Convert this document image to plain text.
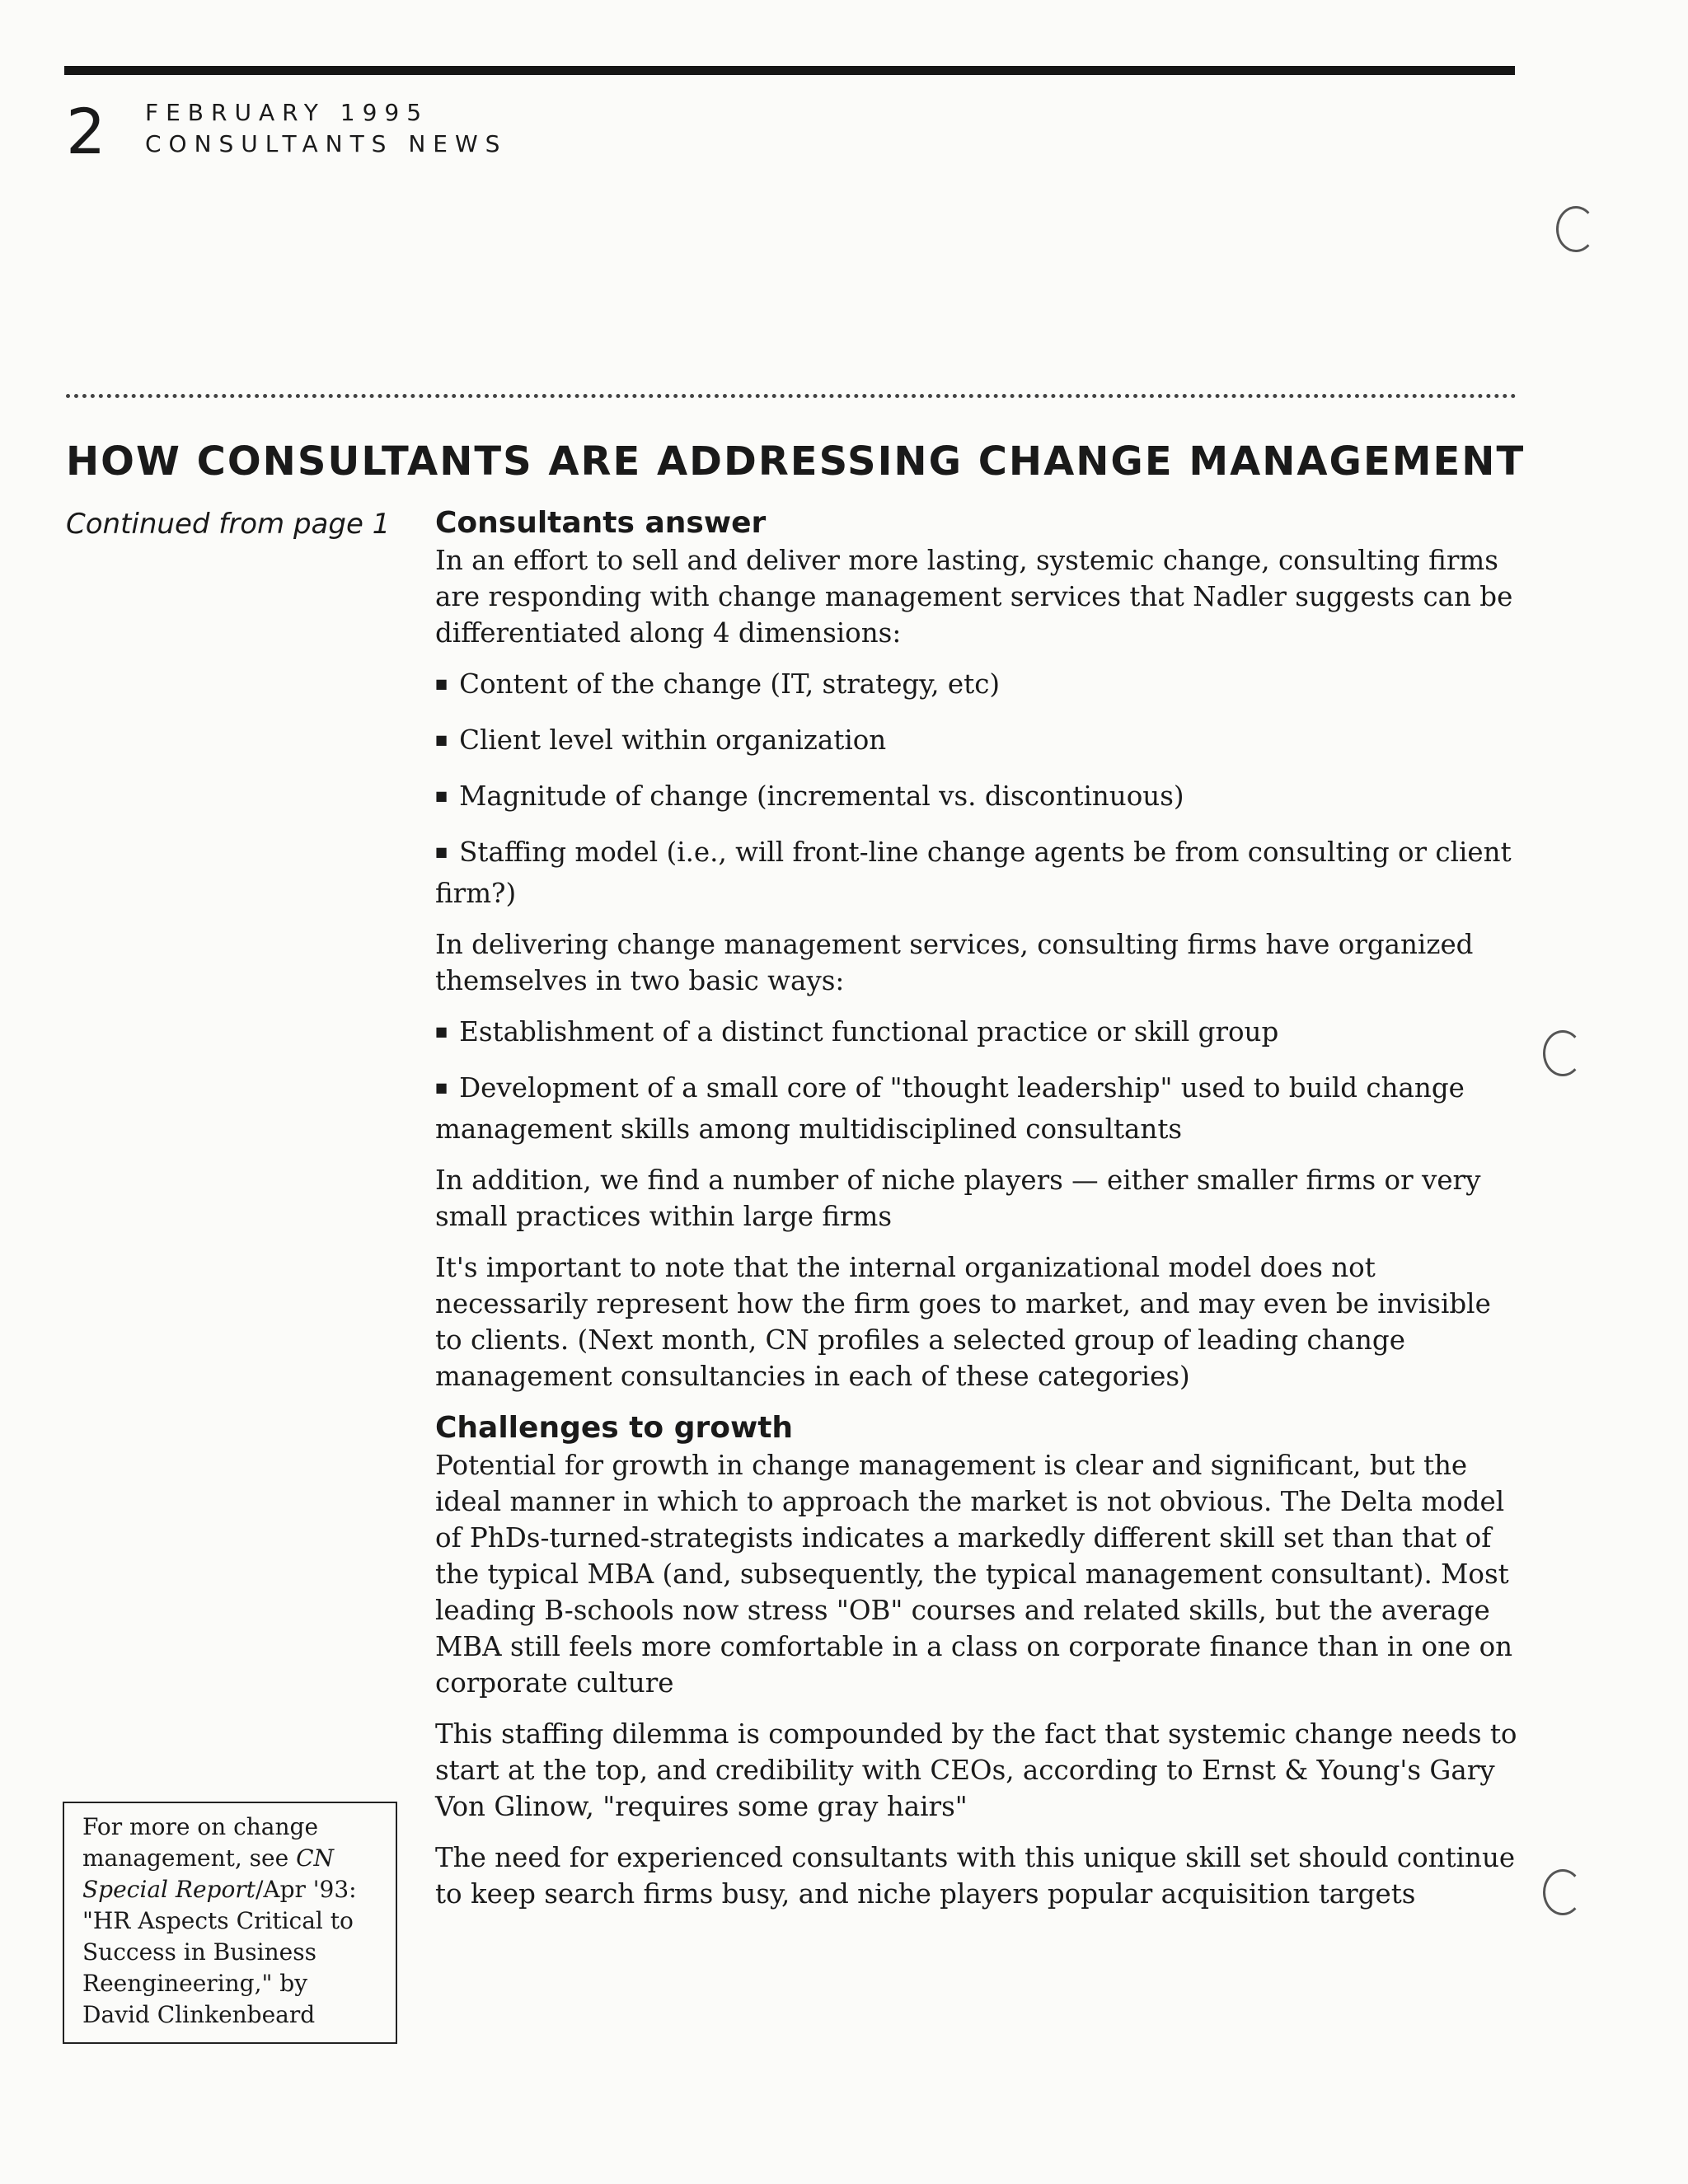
2 FEBRUARY 1995
CONSULTANTS NEWS
HOW CONSULTANTS ARE ADDRESSING CHANGE MANAGEMENT
Continued from page 1 Consultants answer

In an effort to sell and deliver more lasting, systemic change, consulting firms are responding with change management services that Nadler suggests can be differentiated along 4 dimensions:

■ Content of the change (IT, strategy, etc)
■ Client level within organization
■ Magnitude of change (incremental vs. discontinuous)
■ Staffing model (i.e., will front-line change agents be from consulting or client firm?)

In delivering change management services, consulting firms have organized themselves in two basic ways:

■ Establishment of a distinct functional practice or skill group
■ Development of a small core of "thought leadership" used to build change management skills among multidisciplined consultants

In addition, we find a number of niche players — either smaller firms or very small practices within large firms

It's important to note that the internal organizational model does not necessarily represent how the firm goes to market, and may even be invisible to clients. (Next month, CN profiles a selected group of leading change management consultancies in each of these categories)

Challenges to growth

Potential for growth in change management is clear and significant, but the ideal manner in which to approach the market is not obvious. The Delta model of PhDs-turned-strategists indicates a markedly different skill set than that of the typical MBA (and, subsequently, the typical management consultant). Most leading B-schools now stress "OB" courses and related skills, but the average MBA still feels more comfortable in a class on corporate finance than in one on corporate culture

This staffing dilemma is compounded by the fact that systemic change needs to start at the top, and credibility with CEOs, according to Ernst & Young's Gary Von Glinow, "requires some gray hairs"

The need for experienced consultants with this unique skill set should continue to keep search firms busy, and niche players popular acquisition targets

For more on change management, see CN Special Report/Apr '93: "HR Aspects Critical to Success in Business Reengineering," by David Clinkenbeard
